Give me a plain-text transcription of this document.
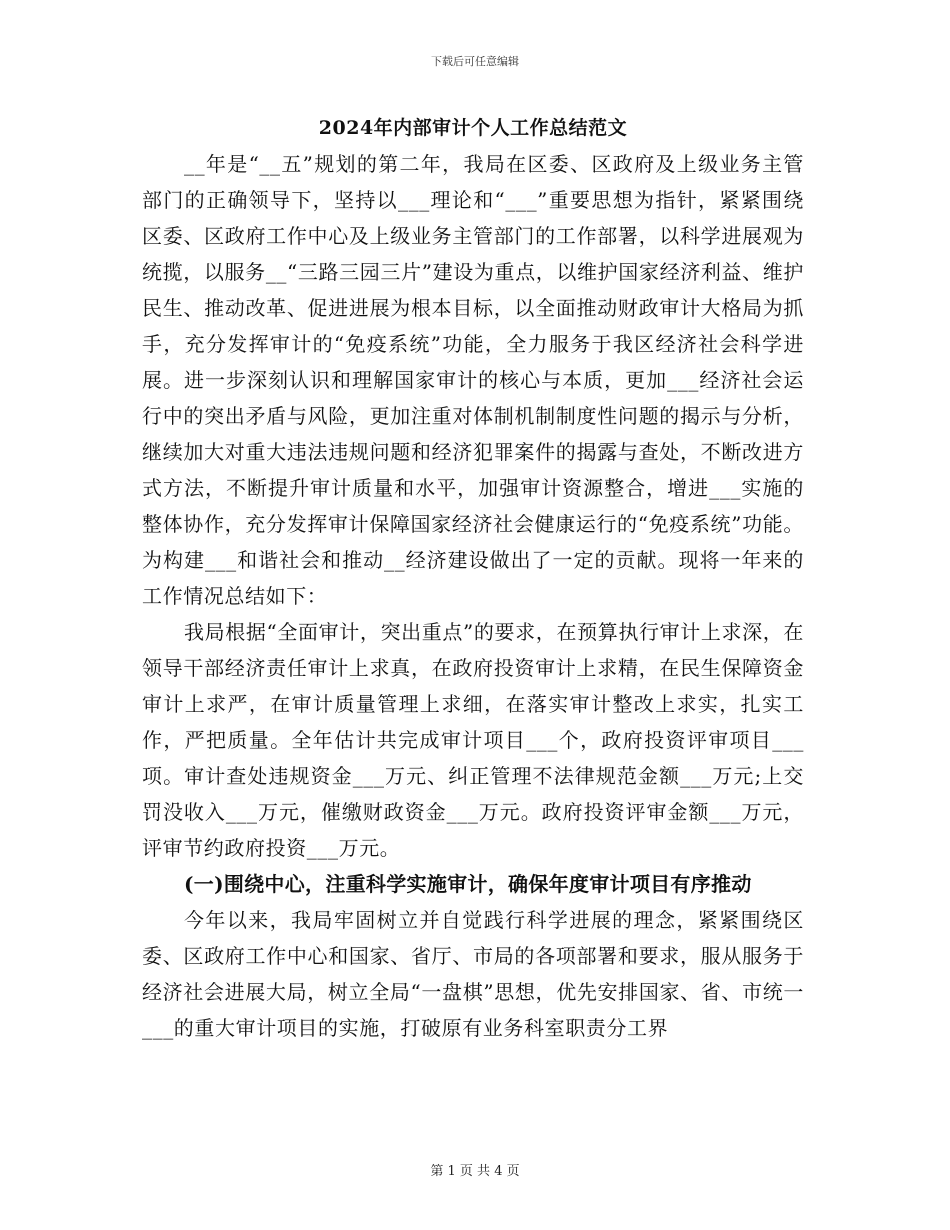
下载后可任意编辑
2024年内部审计个人工作总结范文

__年是“__五”规划的第二年，我局在区委、区政府及上级业务主管部门的正确领导下，坚持以___理论和“___”重要思想为指针，紧紧围绕区委、区政府工作中心及上级业务主管部门的工作部署，以科学进展观为统揽，以服务__“三路三园三片”建设为重点，以维护国家经济利益、维护民生、推动改革、促进进展为根本目标，以全面推动财政审计大格局为抓手，充分发挥审计的“免疫系统”功能，全力服务于我区经济社会科学进展。进一步深刻认识和理解国家审计的核心与本质，更加___经济社会运行中的突出矛盾与风险，更加注重对体制机制制度性问题的揭示与分析，继续加大对重大违法违规问题和经济犯罪案件的揭露与查处，不断改进方式方法，不断提升审计质量和水平，加强审计资源整合，增进___实施的整体协作，充分发挥审计保障国家经济社会健康运行的“免疫系统”功能。为构建___和谐社会和推动__经济建设做出了一定的贡献。现将一年来的工作情况总结如下：

我局根据“全面审计，突出重点”的要求，在预算执行审计上求深，在领导干部经济责任审计上求真，在政府投资审计上求精，在民生保障资金审计上求严，在审计质量管理上求细，在落实审计整改上求实，扎实工作，严把质量。全年估计共完成审计项目___个，政府投资评审项目___项。审计查处违规资金___万元、纠正管理不法律规范金额___万元;上交罚没收入___万元，催缴财政资金___万元。政府投资评审金额___万元，评审节约政府投资___万元。

(一)围绕中心，注重科学实施审计，确保年度审计项目有序推动

今年以来，我局牢固树立并自觉践行科学进展的理念，紧紧围绕区委、区政府工作中心和国家、省厅、市局的各项部署和要求，服从服务于经济社会进展大局，树立全局“一盘棋”思想，优先安排国家、省、市统一___的重大审计项目的实施，打破原有业务科室职责分工界

第 1 页 共 4 页
